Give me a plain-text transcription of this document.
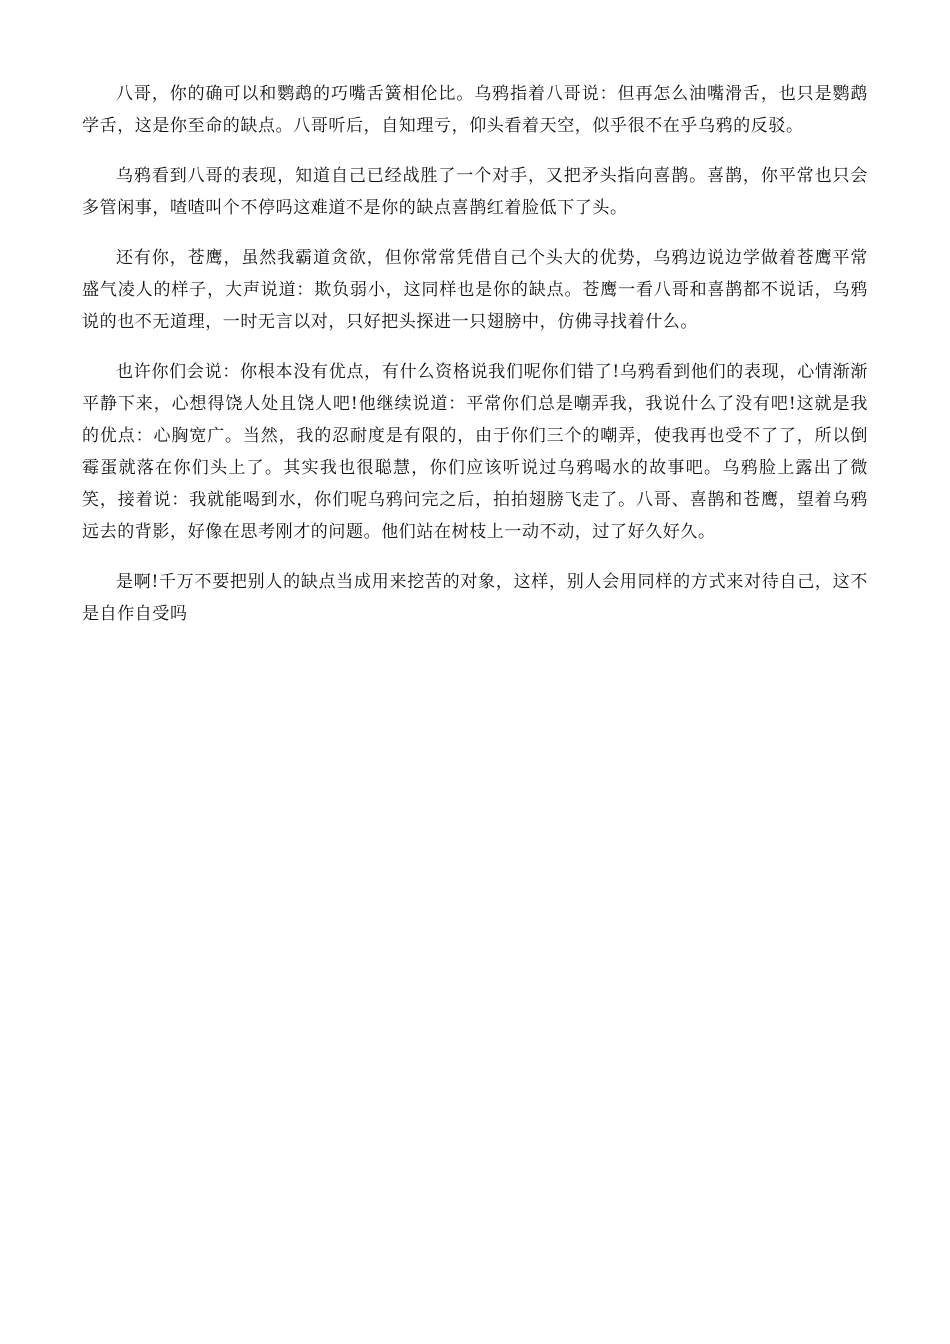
八哥，你的确可以和鹦鹉的巧嘴舌簧相伦比。乌鸦指着八哥说：但再怎么油嘴滑舌，也只是鹦鹉学舌，这是你至命的缺点。八哥听后，自知理亏，仰头看着天空，似乎很不在乎乌鸦的反驳。

乌鸦看到八哥的表现，知道自己已经战胜了一个对手，又把矛头指向喜鹊。喜鹊，你平常也只会多管闲事，喳喳叫个不停吗这难道不是你的缺点喜鹊红着脸低下了头。

还有你，苍鹰，虽然我霸道贪欲，但你常常凭借自己个头大的优势，乌鸦边说边学做着苍鹰平常盛气凌人的样子，大声说道：欺负弱小，这同样也是你的缺点。苍鹰一看八哥和喜鹊都不说话，乌鸦说的也不无道理，一时无言以对，只好把头探进一只翅膀中，仿佛寻找着什么。

也许你们会说：你根本没有优点，有什么资格说我们呢你们错了!乌鸦看到他们的表现，心情渐渐平静下来，心想得饶人处且饶人吧!他继续说道：平常你们总是嘲弄我，我说什么了没有吧!这就是我的优点：心胸宽广。当然，我的忍耐度是有限的，由于你们三个的嘲弄，使我再也受不了了，所以倒霉蛋就落在你们头上了。其实我也很聪慧，你们应该听说过乌鸦喝水的故事吧。乌鸦脸上露出了微笑，接着说：我就能喝到水，你们呢乌鸦问完之后，拍拍翅膀飞走了。八哥、喜鹊和苍鹰，望着乌鸦远去的背影，好像在思考刚才的问题。他们站在树枝上一动不动，过了好久好久。

是啊!千万不要把别人的缺点当成用来挖苦的对象，这样，别人会用同样的方式来对待自己，这不是自作自受吗
